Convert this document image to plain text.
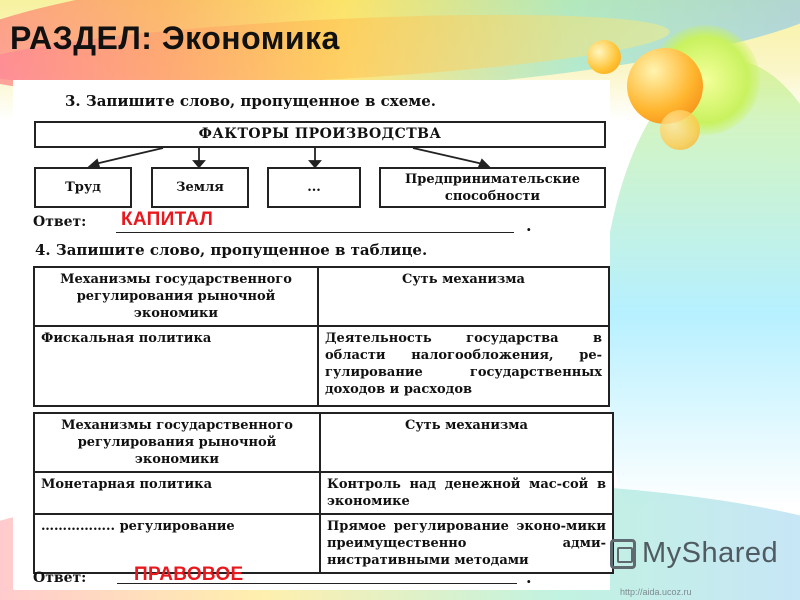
РАЗДЕЛ: Экономика
3. Запишите слово, пропущенное в схеме.
ФАКТОРЫ ПРОИЗВОДСТВА
Труд	Земля	...
Предпринимательские способности
Ответ:	.
КАПИТАЛ
4. Запишите слово, пропущенное в таблице.
Механизмы государственного регулирования рыночной экономики	Суть механизма
Фискальная политика	Деятельность государства в области налогообложения, ре-гулирование государственных доходов и расходов
Механизмы государственного регулирования рыночной экономики	Суть механизма
Монетарная политика	Контроль над денежной мас-сой в экономике
…………….. регулирование	Прямое регулирование эконо-мики преимущественно адми-нистративными методами
Ответ:	.
ПРАВОВОЕ
MyShared
http://aida.ucoz.ru
